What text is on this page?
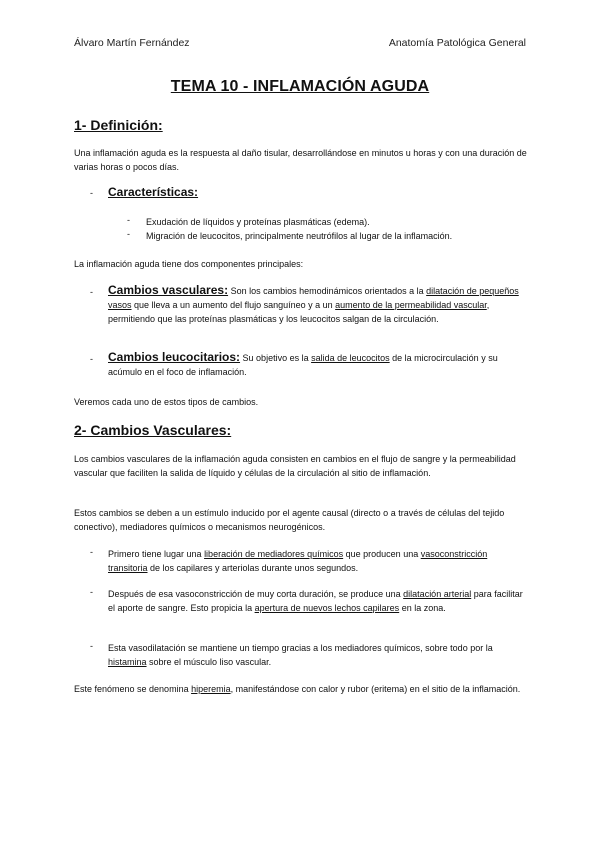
Álvaro Martín Fernández	Anatomía Patológica General
TEMA 10 - INFLAMACIÓN AGUDA
1- Definición:
Una inflamación aguda es la respuesta al daño tisular, desarrollándose en minutos u horas y con una duración de varias horas o pocos días.
- Características:
- Exudación de líquidos y proteínas plasmáticas (edema).
- Migración de leucocitos, principalmente neutrófilos al lugar de la inflamación.
La inflamación aguda tiene dos componentes principales:
- Cambios vasculares: Son los cambios hemodinámicos orientados a la dilatación de pequeños vasos que lleva a un aumento del flujo sanguíneo y a un aumento de la permeabilidad vascular, permitiendo que las proteínas plasmáticas y los leucocitos salgan de la circulación.
- Cambios leucocitarios: Su objetivo es la salida de leucocitos de la microcirculación y su acúmulo en el foco de inflamación.
Veremos cada uno de estos tipos de cambios.
2- Cambios Vasculares:
Los cambios vasculares de la inflamación aguda consisten en cambios en el flujo de sangre y la permeabilidad vascular que faciliten la salida de líquido y células de la circulación al sitio de inflamación.
Estos cambios se deben a un estímulo inducido por el agente causal (directo o a través de células del tejido conectivo), mediadores químicos o mecanismos neurogénicos.
- Primero tiene lugar una liberación de mediadores químicos que producen una vasoconstricción transitoria de los capilares y arteriolas durante unos segundos.
- Después de esa vasoconstricción de muy corta duración, se produce una dilatación arterial para facilitar el aporte de sangre. Esto propicia la apertura de nuevos lechos capilares en la zona.
- Esta vasodilatación se mantiene un tiempo gracias a los mediadores químicos, sobre todo por la histamina sobre el músculo liso vascular.
Este fenómeno se denomina hiperemia, manifestándose con calor y rubor (eritema) en el sitio de la inflamación.
